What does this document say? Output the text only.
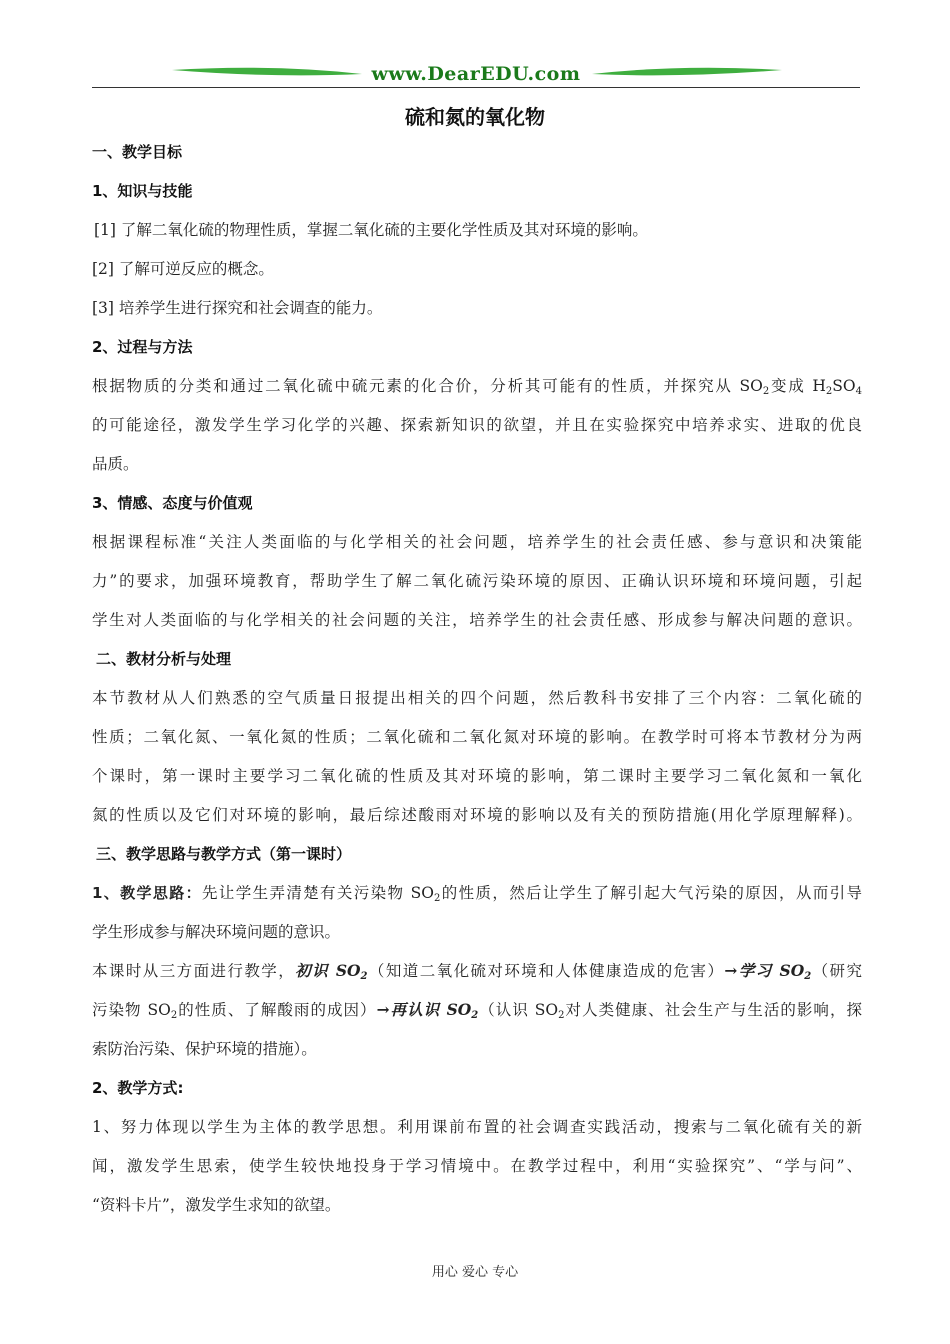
www.DearEDU.com
硫和氮的氧化物
一、教学目标
1、知识与技能
[1] 了解二氧化硫的物理性质，掌握二氧化硫的主要化学性质及其对环境的影响。
[2] 了解可逆反应的概念。
[3] 培养学生进行探究和社会调查的能力。
2、过程与方法
根据物质的分类和通过二氧化硫中硫元素的化合价，分析其可能有的性质，并探究从 $SO_2$变成 $H_2SO_4$
的可能途径，激发学生学习化学的兴趣、探索新知识的欲望，并且在实验探究中培养求实、进取的优良
品质。
3、情感、态度与价值观
根据课程标准“关注人类面临的与化学相关的社会问题，培养学生的社会责任感、参与意识和决策能
力”的要求，加强环境教育，帮助学生了解二氧化硫污染环境的原因、正确认识环境和环境问题，引起
学生对人类面临的与化学相关的社会问题的关注，培养学生的社会责任感、形成参与解决问题的意识。
二、教材分析与处理
本节教材从人们熟悉的空气质量日报提出相关的四个问题，然后教科书安排了三个内容：二氧化硫的
性质；二氧化氮、一氧化氮的性质；二氧化硫和二氧化氮对环境的影响。在教学时可将本节教材分为两
个课时，第一课时主要学习二氧化硫的性质及其对环境的影响，第二课时主要学习二氧化氮和一氧化
氮的性质以及它们对环境的影响，最后综述酸雨对环境的影响以及有关的预防措施(用化学原理解释)。
三、教学思路与教学方式（第一课时）
1、教学思路：先让学生弄清楚有关污染物 $SO_2$的性质，然后让学生了解引起大气污染的原因，从而引导
学生形成参与解决环境问题的意识。
本课时从三方面进行教学，初识 $SO_2$（知道二氧化硫对环境和人体健康造成的危害）→学习 $SO_2$（研究
污染物 $SO_2$的性质、了解酸雨的成因）→再认识 $SO_2$（认识 $SO_2$对人类健康、社会生产与生活的影响，探
索防治污染、保护环境的措施）。
2、教学方式:
1、努力体现以学生为主体的教学思想。利用课前布置的社会调查实践活动，搜索与二氧化硫有关的新
闻，激发学生思索，使学生较快地投身于学习情境中。在教学过程中，利用“实验探究”、“学与问”、
“资料卡片”，激发学生求知的欲望。
用心 爱心 专心
